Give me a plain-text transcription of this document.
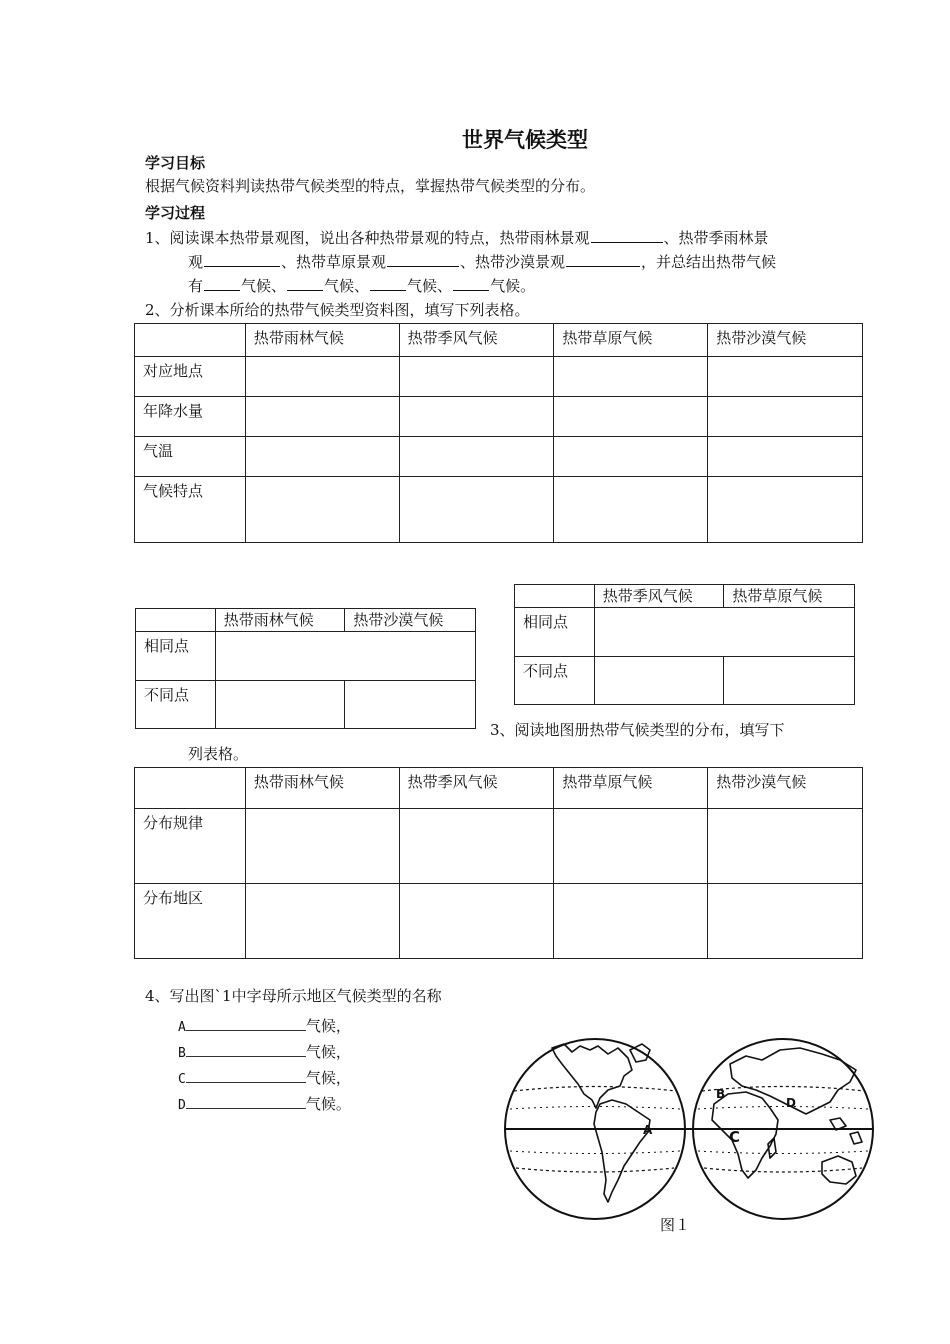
世界气候类型
学习目标
根据气候资料判读热带气候类型的特点，掌握热带气候类型的分布。
学习过程
1、阅读课本热带景观图，说出各种热带景观的特点，热带雨林景观	、热带季雨林景
观	、热带草原景观	、热带沙漠景观	，并总结出热带气候
有	气候、	气候、	气候、	气候。
2、分析课本所给的热带气候类型资料图，填写下列表格。
	热带雨林气候	热带季风气候	热带草原气候	热带沙漠气候
对应地点				
年降水量				
气温				
气候特点				
	热带季风气候	热带草原气候
相同点		
不同点		
	热带雨林气候	热带沙漠气候
相同点		
不同点		
3、阅读地图册热带气候类型的分布，填写下
列表格。
	热带雨林气候	热带季风气候	热带草原气候	热带沙漠气候
分布规律				
分布地区				
4、写出图`1中字母所示地区气候类型的名称
A	气候，
B	气候，
C	气候，
D	气候。
A
B
C
D
图１
